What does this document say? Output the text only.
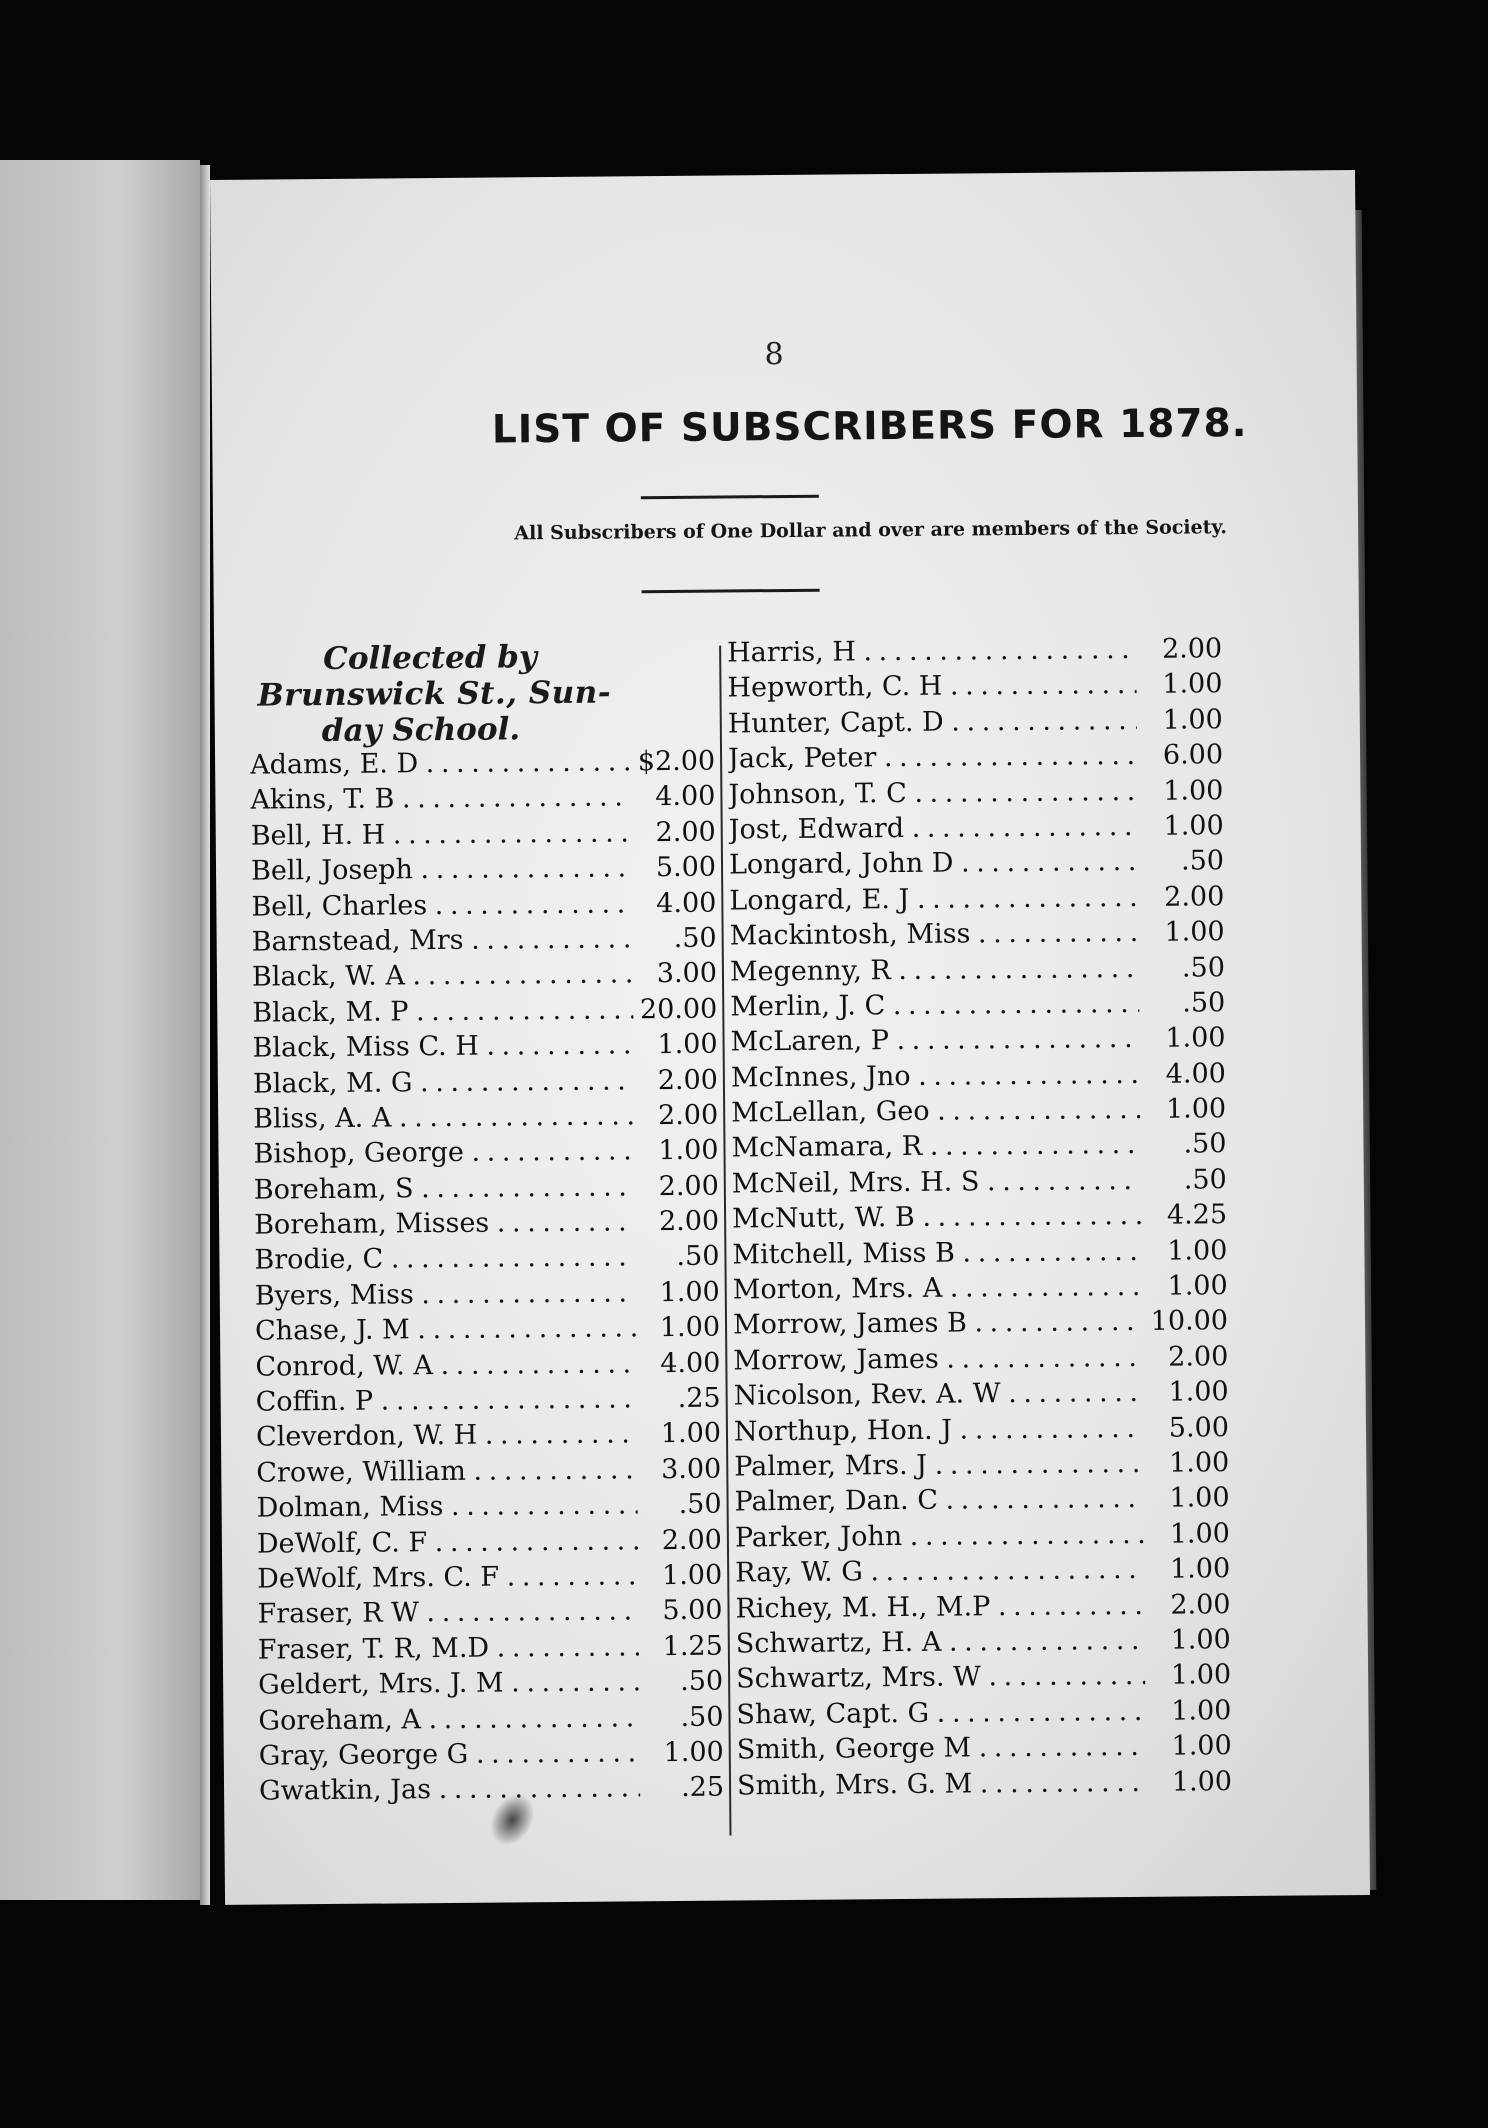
8
LIST OF SUBSCRIBERS FOR 1878.
All Subscribers of One Dollar and over are members of the Society.
Collected by
Brunswick St., Sun-
day School.
Adams, E. D . . .	$2.00
Akins, T. B . . .	4.00
Bell, H. H . . .	2.00
Bell, Joseph . . .	5.00
Bell, Charles . . .	4.00
Barnstead, Mrs . . .	.50
Black, W. A . . .	3.00
Black, M. P . . .	20.00
Black, Miss C. H . . .	1.00
Black, M. G . . .	2.00
Bliss, A. A . . .	2.00
Bishop, George . . .	1.00
Boreham, S . . .	2.00
Boreham, Misses . . .	2.00
Brodie, C . . .	.50
Byers, Miss . . .	1.00
Chase, J. M . . .	1.00
Conrod, W. A . . .	4.00
Coffin. P . . .	.25
Cleverdon, W. H . . .	1.00
Crowe, William . . .	3.00
Dolman, Miss . . .	.50
DeWolf, C. F . . .	2.00
DeWolf, Mrs. C. F . . .	1.00
Fraser, R W . . .	5.00
Fraser, T. R, M.D . . .	1.25
Geldert, Mrs. J. M . . .	.50
Goreham, A . . .	.50
Gray, George G . . .	1.00
Gwatkin, Jas . . .	.25
Harris, H . . .	2.00
Hepworth, C. H . . .	1.00
Hunter, Capt. D . . .	1.00
Jack, Peter . . .	6.00
Johnson, T. C . . .	1.00
Jost, Edward . . .	1.00
Longard, John D . . .	.50
Longard, E. J . . .	2.00
Mackintosh, Miss . . .	1.00
Megenny, R . . .	.50
Merlin, J. C . . .	.50
McLaren, P . . .	1.00
McInnes, Jno . . .	4.00
McLellan, Geo . . .	1.00
McNamara, R . . .	.50
McNeil, Mrs. H. S . . .	.50
McNutt, W. B . . .	4.25
Mitchell, Miss B . . .	1.00
Morton, Mrs. A . . .	1.00
Morrow, James B . . .	10.00
Morrow, James . . .	2.00
Nicolson, Rev. A. W . . .	1.00
Northup, Hon. J . . .	5.00
Palmer, Mrs. J . . .	1.00
Palmer, Dan. C . . .	1.00
Parker, John . . .	1.00
Ray, W. G . . .	1.00
Richey, M. H., M.P . . .	2.00
Schwartz, H. A . . .	1.00
Schwartz, Mrs. W . . .	1.00
Shaw, Capt. G . . .	1.00
Smith, George M . . .	1.00
Smith, Mrs. G. M . . .	1.00
